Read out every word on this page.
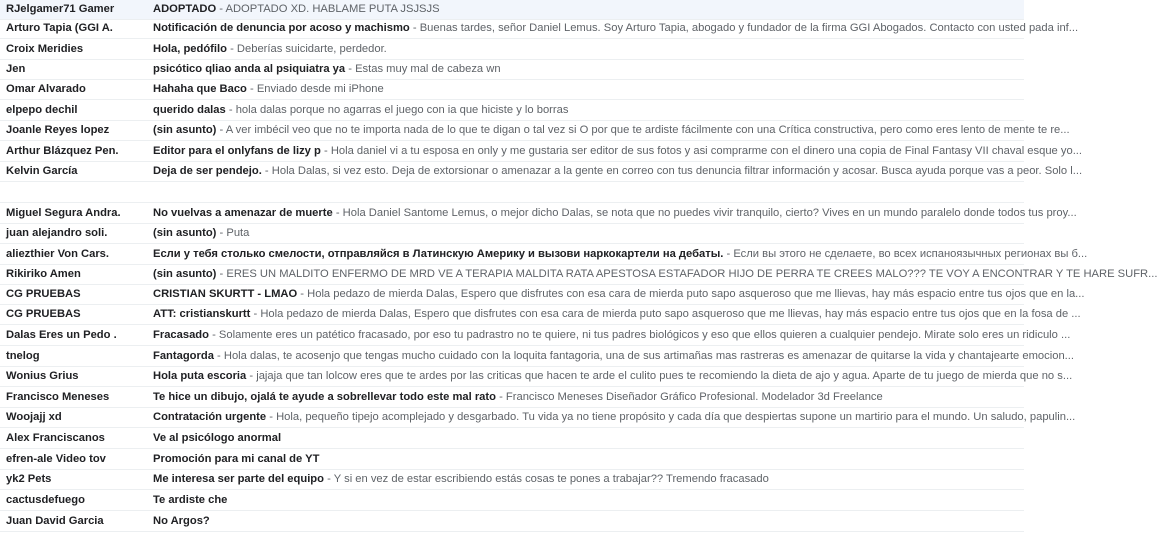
RJelgamer71 Gamer	ADOPTADO - ADOPTADO XD. HABLAME PUTA JSJSJS
Arturo Tapia (GGI A.	Notificación de denuncia por acoso y machismo - Buenas tardes, señor Daniel Lemus. Soy Arturo Tapia, abogado y fundador de la firma GGI Abogados. Contacto con usted pada inf...
Croix Meridies	Hola, pedófilo - Deberías suicidarte, perdedor.
Jen	psicótico qliao anda al psiquiatra ya - Estas muy mal de cabeza wn
Omar Alvarado	Hahaha que Baco - Enviado desde mi iPhone
elpepo dechil	querido dalas - hola dalas porque no agarras el juego con ia que hiciste y lo borras
Joanle Reyes lopez	(sin asunto) - A ver imbécil veo que no te importa nada de lo que te digan o tal vez si O por que te ardiste fácilmente con una Crítica constructiva, pero como eres lento de mente te re...
Arthur Blázquez Pen.	Editor para el onlyfans de lizy p - Hola daniel vi a tu esposa en only y me gustaria ser editor de sus fotos y asi comprarme con el dinero una copia de Final Fantasy VII chaval esque yo...
Kelvin García	Deja de ser pendejo. - Hola Dalas, si vez esto. Deja de extorsionar o amenazar a la gente en correo con tus denuncia filtrar información y acosar. Busca ayuda porque vas a peor. Solo l...
Miguel Segura Andra.	No vuelvas a amenazar de muerte - Hola Daniel Santome Lemus, o mejor dicho Dalas, se nota que no puedes vivir tranquilo, cierto? Vives en un mundo paralelo donde todos tus proy...
juan alejandro soli.	(sin asunto) - Puta
aliezthier Von Cars.	Если у тебя столько смелости, отправляйся в Латинскую Америку и вызови наркокартели на дебаты. - Если вы этого не сделаете, во всех испаноязычных регионах вы б...
Rikiriko Amen	(sin asunto) - ERES UN MALDITO ENFERMO DE MRD VE A TERAPIA MALDITA RATA APESTOSA ESTAFADOR HIJO DE PERRA TE CREES MALO??? TE VOY A ENCONTRAR Y TE HARE SUFR...
CG PRUEBAS	CRISTIAN SKURTT - LMAO - Hola pedazo de mierda Dalas, Espero que disfrutes con esa cara de mierda puto sapo asqueroso que me llievas, hay más espacio entre tus ojos que en la...
CG PRUEBAS	ATT: cristianskurtt - Hola pedazo de mierda Dalas, Espero que disfrutes con esa cara de mierda puto sapo asqueroso que me llievas, hay más espacio entre tus ojos que en la fosa de ...
Dalas Eres un Pedo .	Fracasado - Solamente eres un patético fracasado, por eso tu padrastro no te quiere, ni tus padres biológicos y eso que ellos quieren a cualquier pendejo. Mirate solo eres un ridiculo ...
tnelog	Fantagorda - Hola dalas, te acosenjo que tengas mucho cuidado con la loquita fantagoria, una de sus artimañas mas rastreras es amenazar de quitarse la vida y chantajearte emocion...
Wonius Grius	Hola puta escoria - jajaja que tan lolcow eres que te ardes por las criticas que hacen te arde el culito pues te recomiendo la dieta de ajo y agua. Aparte de tu juego de mierda que no s...
Francisco Meneses	Te hice un dibujo, ojalá te ayude a sobrellevar todo este mal rato - Francisco Meneses Diseñador Gráfico Profesional. Modelador 3d Freelance
Woojajj xd	Contratación urgente - Hola, pequeño tipejo acomplejado y desgarbado. Tu vida ya no tiene propósito y cada día que despiertas supone un martirio para el mundo. Un saludo, papulin...
Alex Franciscanos	Ve al psicólogo anormal
efren-ale Video tov	Promoción para mi canal de YT
yk2 Pets	Me interesa ser parte del equipo - Y si en vez de estar escribiendo estás cosas te pones a trabajar?? Tremendo fracasado
cactusdefuego	Te ardiste che
Juan David Garcia	No Argos?
